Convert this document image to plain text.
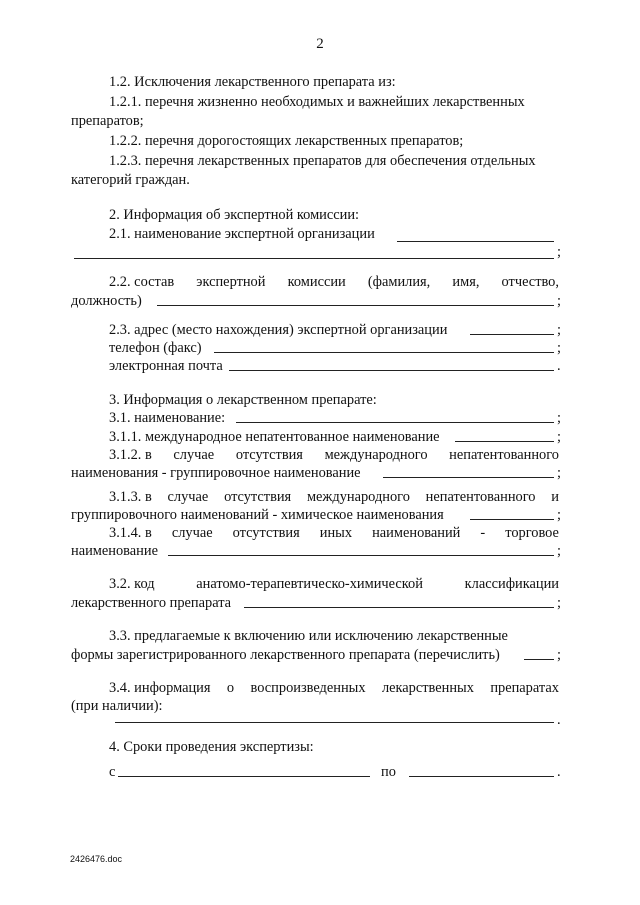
2
1.2. Исключения лекарственного препарата из:
1.2.1. перечня жизненно необходимых и важнейших лекарственных
препаратов;
1.2.2. перечня дорогостоящих лекарственных препаратов;
1.2.3. перечня лекарственных препаратов для обеспечения отдельных
категорий граждан.
2. Информация об экспертной комиссии:
2.1. наименование экспертной организации
;
2.2. состав экспертной комиссии (фамилия, имя, отчество,
должность)	;
2.3. адрес (место нахождения) экспертной организации	;
телефон (факс)	;
электронная почта	.
3. Информация о лекарственном препарате:
3.1. наименование:	;
3.1.1. международное непатентованное наименование	;
3.1.2. в случае отсутствия международного непатентованного
наименования - группировочное наименование	;
3.1.3. в случае отсутствия международного непатентованного и
группировочного наименований - химическое наименования	;
3.1.4. в случае отсутствия иных наименований - торговое
наименование	;
3.2. код	анатомо-терапевтическо-химической	классификации
лекарственного препарата	;
3.3. предлагаемые к включению или исключению лекарственные
формы зарегистрированного лекарственного препарата (перечислить)	;
3.4. информация о воспроизведенных лекарственных препаратах
(при наличии):
.
4. Сроки проведения экспертизы:
с	по	.
2426476.doc
